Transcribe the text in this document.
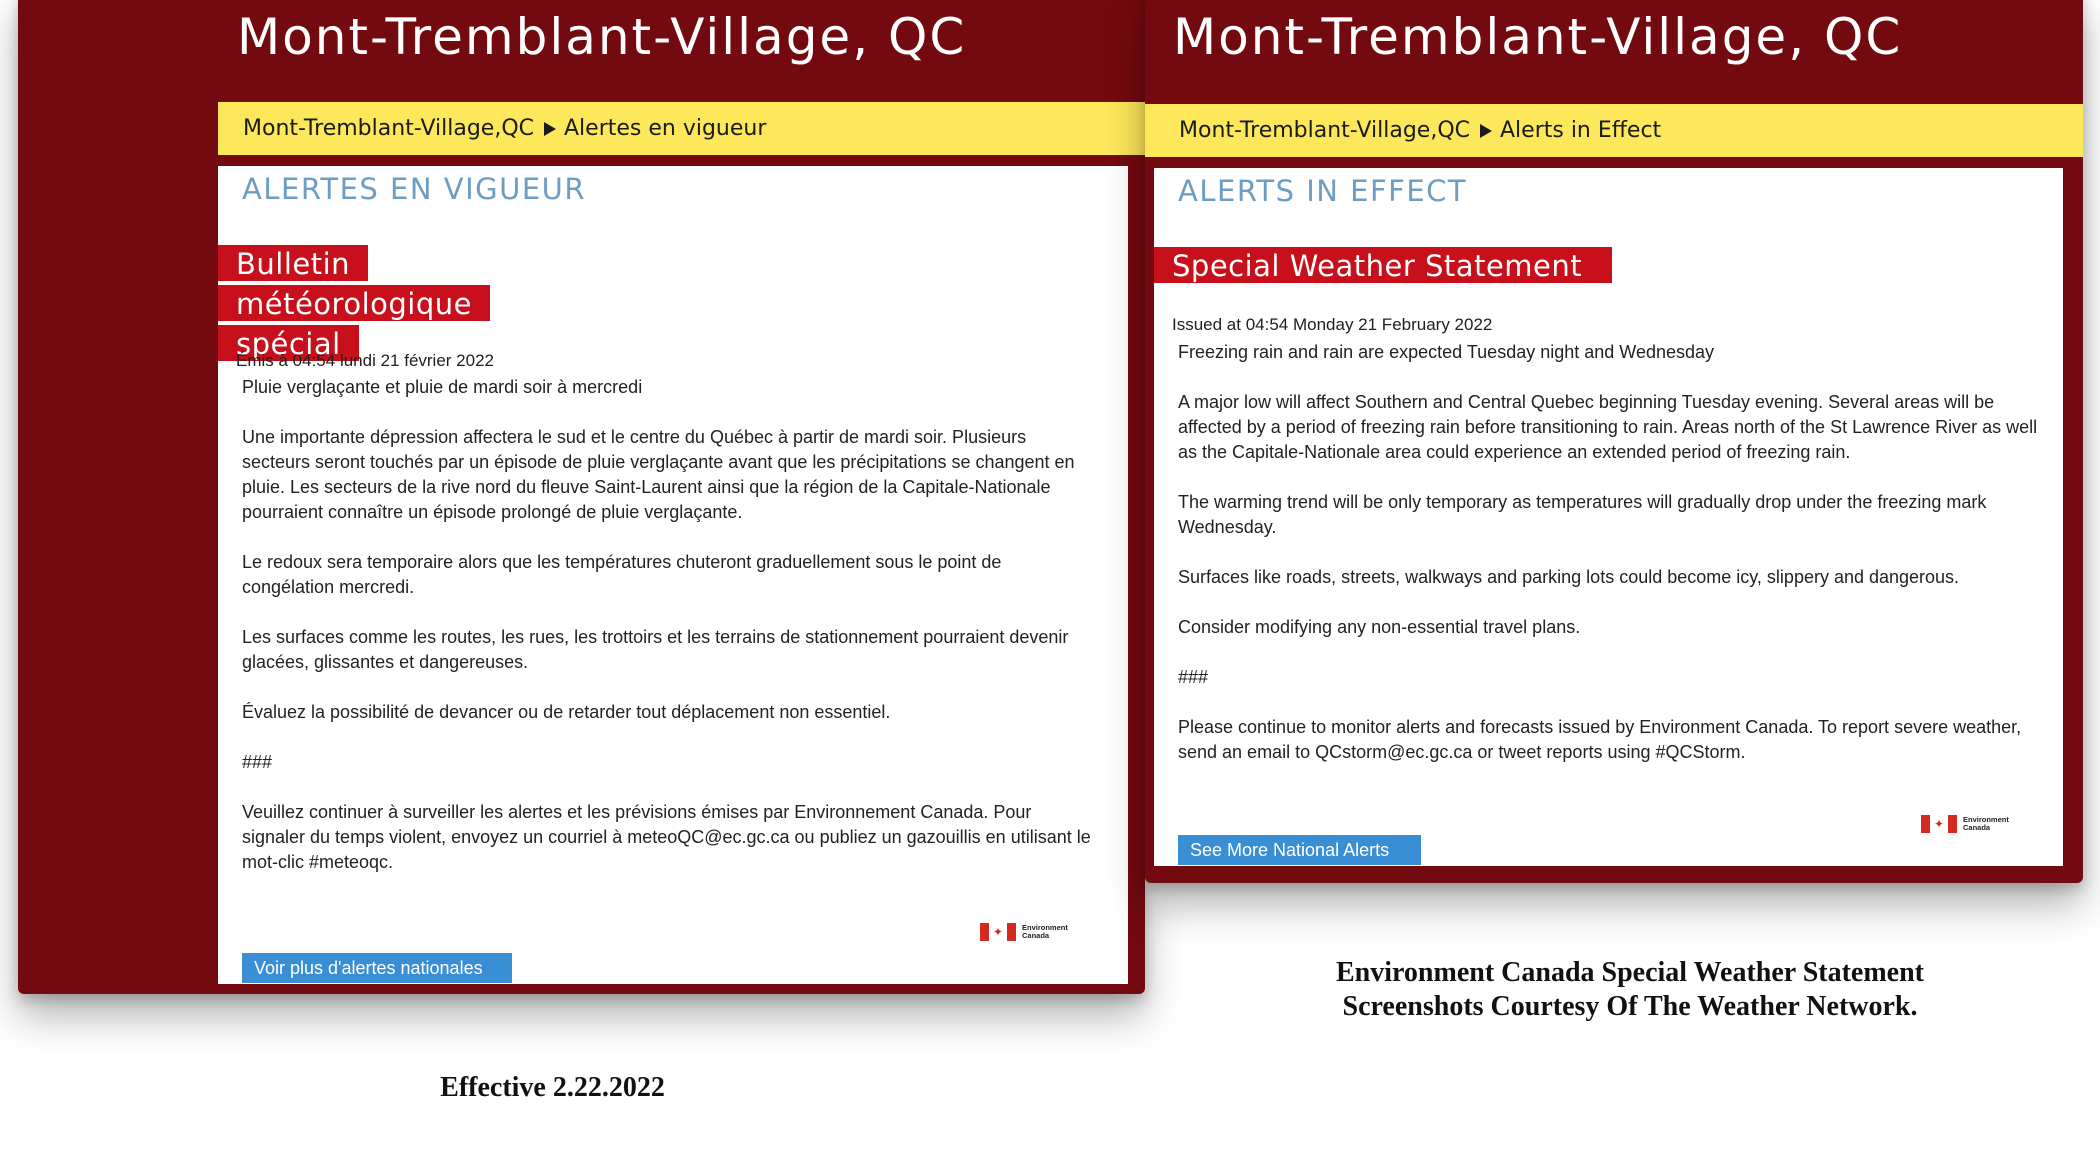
Mont-Tremblant-Village, QC
Mont-Tremblant-Village,QC Alertes en vigueur
ALERTES EN VIGUEUR
Bulletin météorologique spécial
Émis à 04:54 lundi 21 février 2022

Pluie verglaçante et pluie de mardi soir à mercredi

Une importante dépression affectera le sud et le centre du Québec à partir de mardi soir. Plusieurs secteurs seront touchés par un épisode de pluie verglaçante avant que les précipitations se changent en pluie. Les secteurs de la rive nord du fleuve Saint-Laurent ainsi que la région de la Capitale-Nationale pourraient connaître un épisode prolongé de pluie verglaçante.

Le redoux sera temporaire alors que les températures chuteront graduellement sous le point de congélation mercredi.

Les surfaces comme les routes, les rues, les trottoirs et les terrains de stationnement pourraient devenir glacées, glissantes et dangereuses.

Évaluez la possibilité de devancer ou de retarder tout déplacement non essentiel.

###

Veuillez continuer à surveiller les alertes et les prévisions émises par Environnement Canada. Pour signaler du temps violent, envoyez un courriel à meteoQC@ec.gc.ca ou publiez un gazouillis en utilisant le mot-clic #meteoqc.

✦	Environment
Canada
Voir plus d'alertes nationales
Mont-Tremblant-Village, QC
Mont-Tremblant-Village,QC Alerts in Effect
ALERTS IN EFFECT
Special Weather Statement
Issued at 04:54 Monday 21 February 2022

Freezing rain and rain are expected Tuesday night and Wednesday

A major low will affect Southern and Central Quebec beginning Tuesday evening. Several areas will be affected by a period of freezing rain before transitioning to rain. Areas north of the St Lawrence River as well as the Capitale-Nationale area could experience an extended period of freezing rain.

The warming trend will be only temporary as temperatures will gradually drop under the freezing mark Wednesday.

Surfaces like roads, streets, walkways and parking lots could become icy, slippery and dangerous.

Consider modifying any non-essential travel plans.

###

Please continue to monitor alerts and forecasts issued by Environment Canada. To report severe weather, send an email to QCstorm@ec.gc.ca or tweet reports using #QCStorm.

✦	Environment
Canada
See More National Alerts
Environment Canada Special Weather Statement
Screenshots Courtesy Of The Weather Network.
Effective 2.22.2022
